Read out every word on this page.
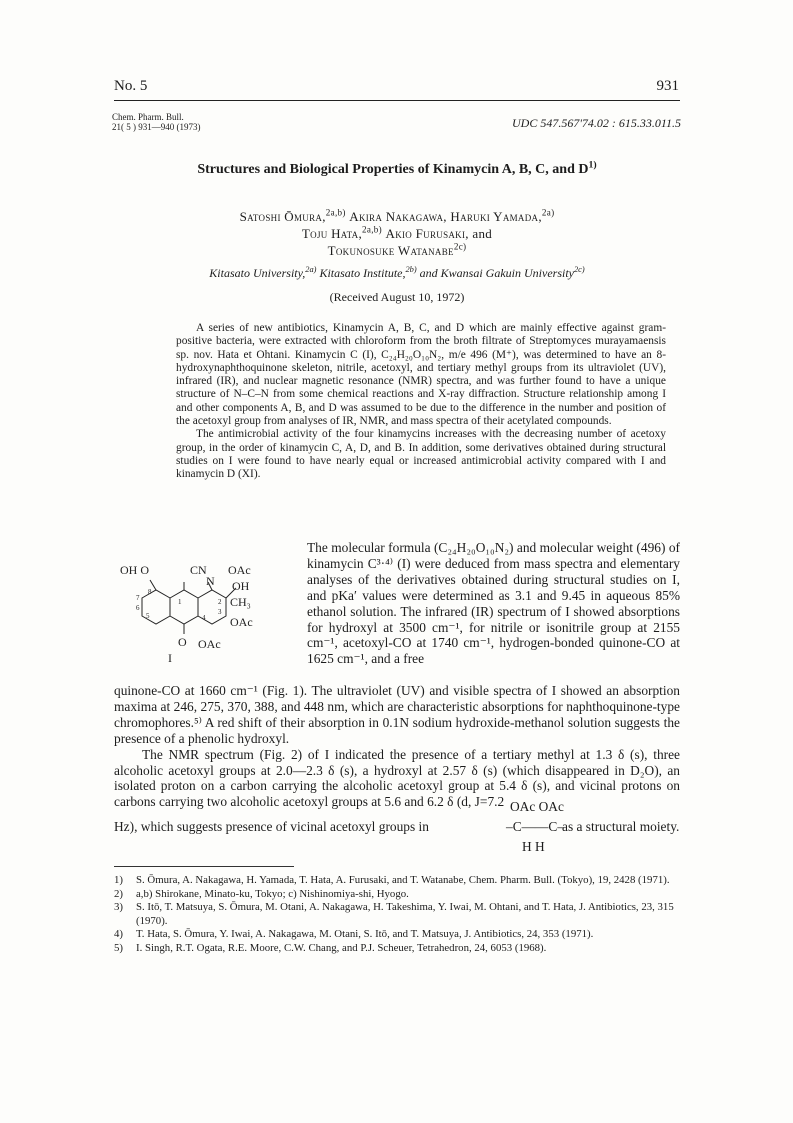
No. 5	931
Chem. Pharm. Bull.
21( 5 ) 931—940 (1973)	UDC 547.567'74.02 : 615.33.011.5
Structures and Biological Properties of Kinamycin A, B, C, and $D^{1)}$
Satoshi Ōmura,$^{2a,b)}$ Akira Nakagawa, Haruki Yamada,$^{2a)}$
Toju Hata,$^{2a,b)}$ Akio Furusaki, and
Tokunosuke Watanabe$^{2c)}$
Kitasato University,$^{2a)}$ Kitasato Institute,$^{2b)}$ and Kwansai Gakuin University$^{2c)}$
(Received August 10, 1972)

A series of new antibiotics, Kinamycin A, B, C, and D which are mainly effective against gram-positive bacteria, were extracted with chloroform from the broth filtrate of Streptomyces murayamaensis sp. nov. Hata et Ohtani. Kinamycin C (I), C₂₄H₂₀O₁₀N₂, m/e 496 (M⁺), was determined to have an 8-hydroxynaphthoquinone skeleton, nitrile, acetoxyl, and tertiary methyl groups from its ultraviolet (UV), infrared (IR), and nuclear magnetic resonance (NMR) spectra, and was further found to have a unique structure of N–C–N from some chemical reactions and X-ray diffraction. Structure relationship among I and other components A, B, and D was assumed to be due to the difference in the number and position of the acetoxyl group from analyses of IR, NMR, and mass spectra of their acetylated compounds.

The antimicrobial activity of the four kinamycins increases with the decreasing number of acetoxy group, in the order of kinamycin C, A, D, and B. In addition, some derivatives obtained during structural studies on I were found to have nearly equal or increased antimicrobial activity compared with I and kinamycin D (XI).

OH O	CN OAc
OH
CH₃
OAc
OAc
O
N
I
1	2
3
4
5
6
7
8

The molecular formula (C₂₄H₂₀O₁₀N₂) and molecular weight (496) of kinamycin C³·⁴⁾ (I) were deduced from mass spectra and elementary analyses of the derivatives obtained during structural studies on I, and pKa′ values were determined as 3.1 and 9.45 in aqueous 85% ethanol solution. The infrared (IR) spectrum of I showed absorptions for hydroxyl at 3500 cm⁻¹, for nitrile or isonitrile group at 2155 cm⁻¹, acetoxyl-CO at 1740 cm⁻¹, hydrogen-bonded quinone-CO at 1625 cm⁻¹, and a free

quinone-CO at 1660 cm⁻¹ (Fig. 1). The ultraviolet (UV) and visible spectra of I showed an absorption maxima at 246, 275, 370, 388, and 448 nm, which are characteristic absorptions for naphthoquinone-type chromophores.⁵⁾ A red shift of their absorption in 0.1N sodium hydroxide-methanol solution suggests the presence of a phenolic hydroxyl.

The NMR spectrum (Fig. 2) of I indicated the presence of a tertiary methyl at 1.3 δ (s), three alcoholic acetoxyl groups at 2.0—2.3 δ (s), a hydroxyl at 2.57 δ (s) (which disappeared in D₂O), an isolated proton on a carbon carrying the alcoholic acetoxyl group at 5.4 δ (s), and vicinal protons on carbons carrying two alcoholic acetoxyl groups at 5.6 and 6.2 δ (d, J=7.2

Hz), which suggests presence of vicinal acetoxyl groups in
OAc OAc
–C——C–
H H
as a structural moiety.
1) S. Ōmura, A. Nakagawa, H. Yamada, T. Hata, A. Furusaki, and T. Watanabe, Chem. Pharm. Bull. (Tokyo), 19, 2428 (1971).
2) a,b) Shirokane, Minato-ku, Tokyo; c) Nishinomiya-shi, Hyogo.
3) S. Itō, T. Matsuya, S. Ōmura, M. Otani, A. Nakagawa, H. Takeshima, Y. Iwai, M. Ohtani, and T. Hata, J. Antibiotics, 23, 315 (1970).
4) T. Hata, S. Ōmura, Y. Iwai, A. Nakagawa, M. Otani, S. Itō, and T. Matsuya, J. Antibiotics, 24, 353 (1971).
5) I. Singh, R.T. Ogata, R.E. Moore, C.W. Chang, and P.J. Scheuer, Tetrahedron, 24, 6053 (1968).
